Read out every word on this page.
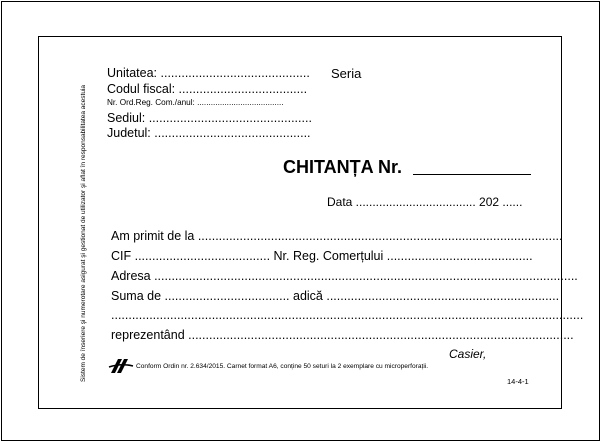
Sistem de înseriere şi numerotare asigurat şi gestionat de utilizator şi aflat în responsabilitatea acestuia
Unitatea: ...........................................
Codul fiscal: .....................................
Nr. Ord.Reg. Com./anul: ......................................
Sediul: ...............................................
Judetul: .............................................
Seria
CHITANȚA Nr.
Data .................................... 202 ......
Am primit de la .........................................................................................................
CIF ....................................... Nr. Reg. Comerțului ..........................................
Adresa ..........................................................................................................................
Suma de .................................... adică ...................................................................
........................................................................................................................................
reprezentând ...............................................................................................................
Casier,
Conform Ordin nr. 2.634/2015. Carnet format A6, conține 50 seturi la 2 exemplare cu microperforații.
14-4-1
